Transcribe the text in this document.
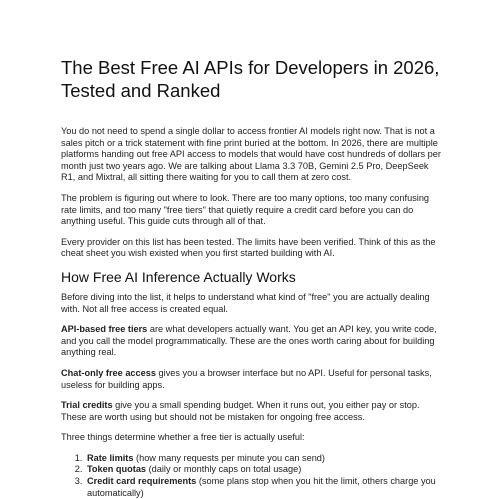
The Best Free AI APIs for Developers in 2026, Tested and Ranked

You do not need to spend a single dollar to access frontier AI models right now. That is not a sales pitch or a trick statement with fine print buried at the bottom. In 2026, there are multiple platforms handing out free API access to models that would have cost hundreds of dollars per month just two years ago. We are talking about Llama 3.3 70B, Gemini 2.5 Pro, DeepSeek R1, and Mixtral, all sitting there waiting for you to call them at zero cost.

The problem is figuring out where to look. There are too many options, too many confusing rate limits, and too many "free tiers" that quietly require a credit card before you can do anything useful. This guide cuts through all of that.

Every provider on this list has been tested. The limits have been verified. Think of this as the cheat sheet you wish existed when you first started building with AI.

How Free AI Inference Actually Works

Before diving into the list, it helps to understand what kind of "free" you are actually dealing with. Not all free access is created equal.

API-based free tiers are what developers actually want. You get an API key, you write code, and you call the model programmatically. These are the ones worth caring about for building anything real.

Chat-only free access gives you a browser interface but no API. Useful for personal tasks, useless for building apps.

Trial credits give you a small spending budget. When it runs out, you either pay or stop. These are worth using but should not be mistaken for ongoing free access.

Three things determine whether a free tier is actually useful:

1. Rate limits (how many requests per minute you can send)
2. Token quotas (daily or monthly caps on total usage)
3. Credit card requirements (some plans stop when you hit the limit, others charge you automatically)
